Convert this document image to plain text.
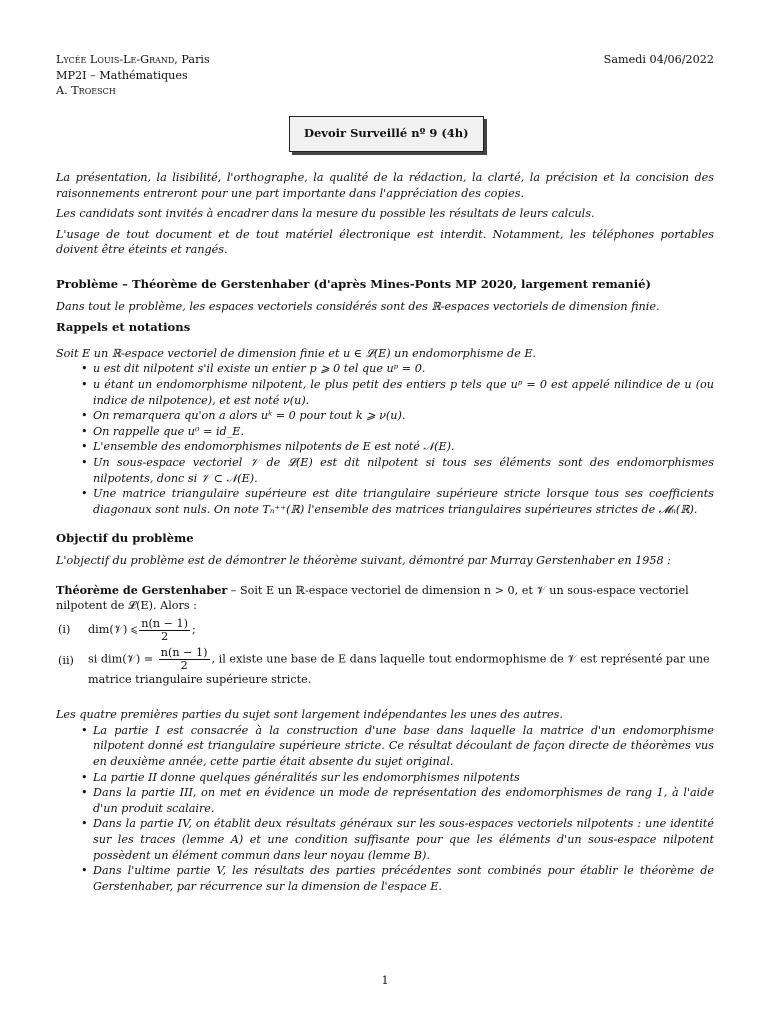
Lycée Louis-Le-Grand, Paris
MP2I – Mathématiques
A. Troesch
Samedi 04/06/2022
Devoir Surveillé nº 9 (4h)

La présentation, la lisibilité, l'orthographe, la qualité de la rédaction, la clarté, la précision et la concision des raisonnements entreront pour une part importante dans l'appréciation des copies.

Les candidats sont invités à encadrer dans la mesure du possible les résultats de leurs calculs.

L'usage de tout document et de tout matériel électronique est interdit. Notamment, les téléphones portables doivent être éteints et rangés.

Problème – Théorème de Gerstenhaber (d'après Mines-Ponts MP 2020, largement remanié)

Dans tout le problème, les espaces vectoriels considérés sont des ℝ-espaces vectoriels de dimension finie.

Rappels et notations

Soit E un ℝ-espace vectoriel de dimension finie et u ∈ 𝓛(E) un endomorphisme de E.

• u est dit nilpotent s'il existe un entier p ⩾ 0 tel que uᵖ = 0.
• u étant un endomorphisme nilpotent, le plus petit des entiers p tels que uᵖ = 0 est appelé nilindice de u (ou indice de nilpotence), et est noté ν(u).
• On remarquera qu'on a alors uᵏ = 0 pour tout k ⩾ ν(u).
• On rappelle que u⁰ = id_E.
• L'ensemble des endomorphismes nilpotents de E est noté 𝒩(E).
• Un sous-espace vectoriel 𝒱 de 𝓛(E) est dit nilpotent si tous ses éléments sont des endomorphismes nilpotents, donc si 𝒱 ⊂ 𝒩(E).
• Une matrice triangulaire supérieure est dite triangulaire supérieure stricte lorsque tous ses coefficients diagonaux sont nuls. On note Tₙ⁺⁺(ℝ) l'ensemble des matrices triangulaires supérieures strictes de 𝓜ₙ(ℝ).

Objectif du problème

L'objectif du problème est de démontrer le théorème suivant, démontré par Murray Gerstenhaber en 1958 :

Théorème de Gerstenhaber – Soit E un ℝ-espace vectoriel de dimension n > 0, et 𝒱 un sous-espace vectoriel nilpotent de 𝓛(E). Alors :

(i)	dim(𝒱) ⩽ $\frac{n(n - 1)}{2}$ ;
(ii)	si dim(𝒱) = $\frac{n(n - 1)}{2}$ , il existe une base de E dans laquelle tout endormophisme de 𝒱 est représenté par une matrice triangulaire supérieure stricte.

Les quatre premières parties du sujet sont largement indépendantes les unes des autres.

• La partie I est consacrée à la construction d'une base dans laquelle la matrice d'un endomorphisme nilpotent donné est triangulaire supérieure stricte. Ce résultat découlant de façon directe de théorèmes vus en deuxième année, cette partie était absente du sujet original.
• La partie II donne quelques généralités sur les endomorphismes nilpotents
• Dans la partie III, on met en évidence un mode de représentation des endomorphismes de rang 1, à l'aide d'un produit scalaire.
• Dans la partie IV, on établit deux résultats généraux sur les sous-espaces vectoriels nilpotents : une identité sur les traces (lemme A) et une condition suffisante pour que les éléments d'un sous-espace nilpotent possèdent un élément commun dans leur noyau (lemme B).
• Dans l'ultime partie V, les résultats des parties précédentes sont combinés pour établir le théorème de Gerstenhaber, par récurrence sur la dimension de l'espace E.
1
